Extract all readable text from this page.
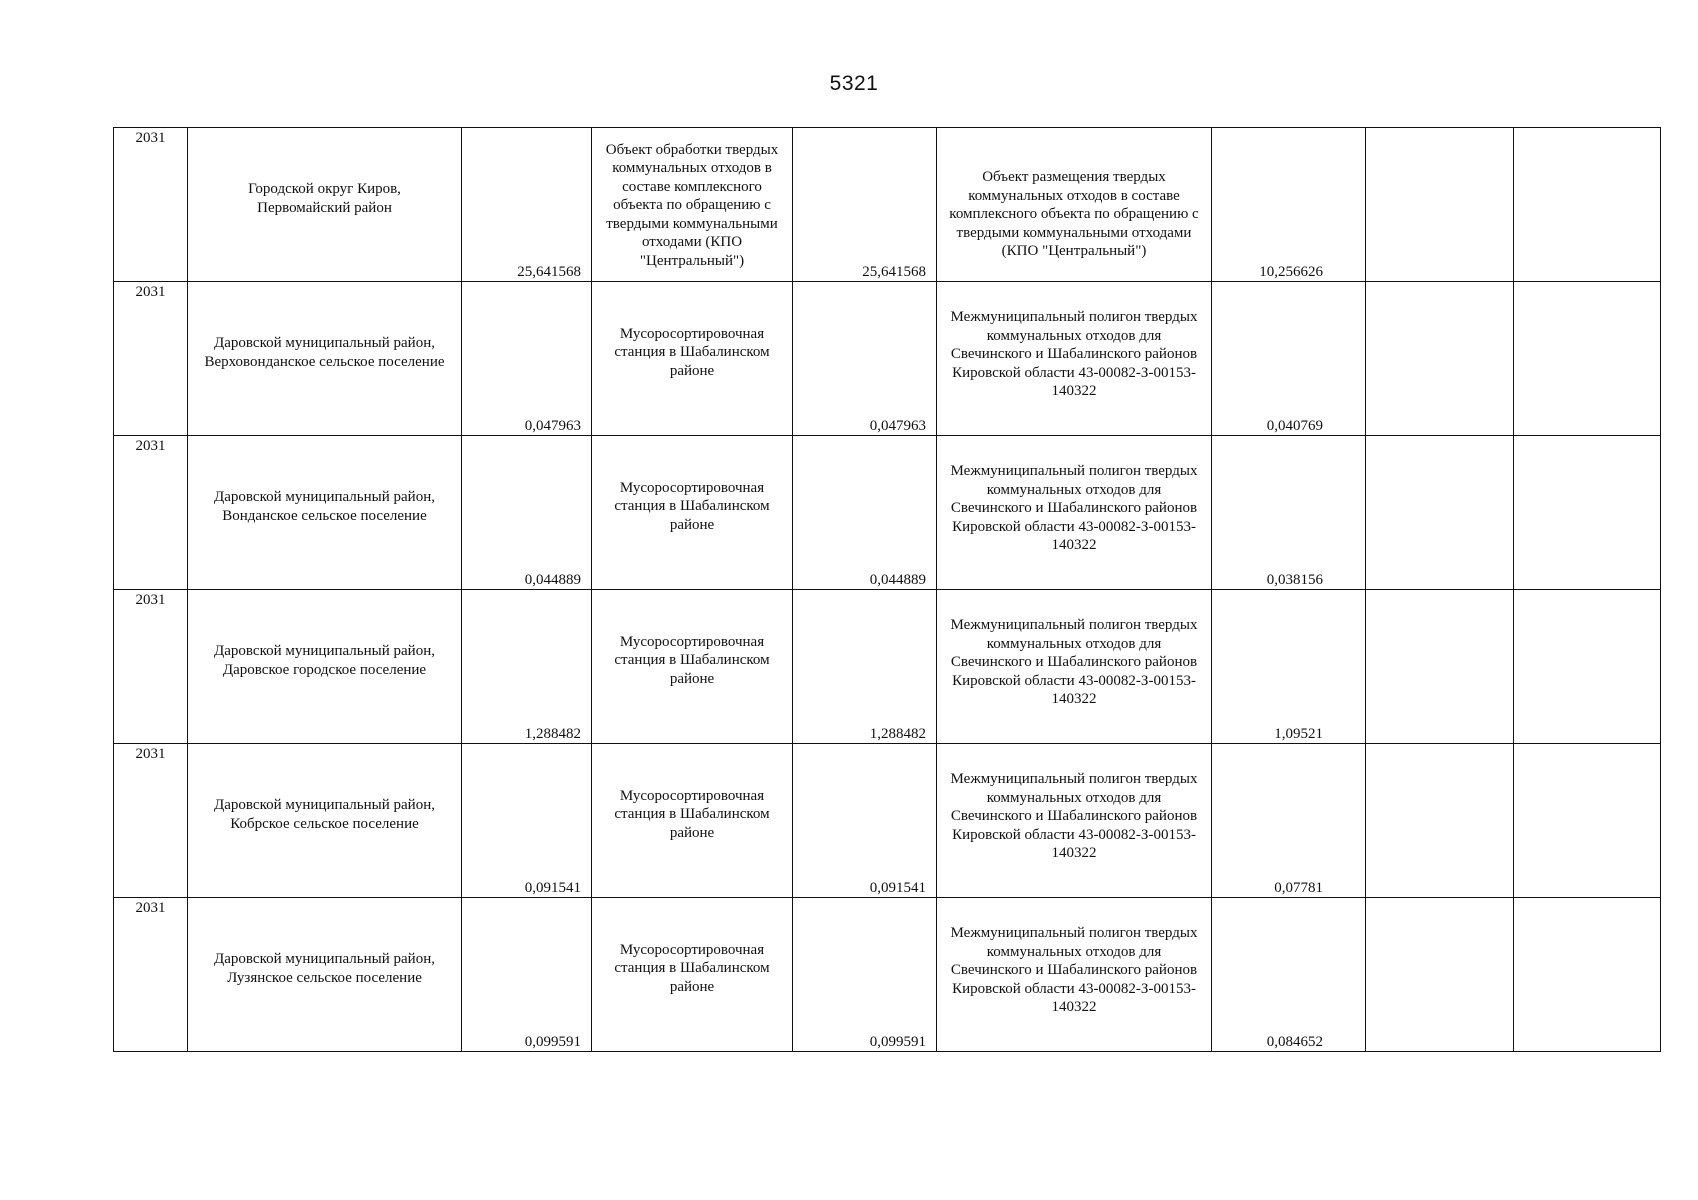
5321
2031	Городской округ Киров, Первомайский район	25,641568	Объект обработки твердых коммунальных отходов в составе комплексного объекта по обращению с твердыми коммунальными отходами (КПО "Центральный")	25,641568	Объект размещения твердых коммунальных отходов в составе комплексного объекта по обращению с твердыми коммунальными отходами (КПО "Центральный")	10,256626		
2031	Даровской муниципальный район, Верховонданское сельское поселение	0,047963	Мусоросортировочная станция в Шабалинском районе	0,047963	Межмуниципальный полигон твердых коммунальных отходов для Свечинского и Шабалинского районов Кировской области 43-00082-З-00153-140322	0,040769		
2031	Даровской муниципальный район, Вонданское сельское поселение	0,044889	Мусоросортировочная станция в Шабалинском районе	0,044889	Межмуниципальный полигон твердых коммунальных отходов для Свечинского и Шабалинского районов Кировской области 43-00082-З-00153-140322	0,038156		
2031	Даровской муниципальный район, Даровское городское поселение	1,288482	Мусоросортировочная станция в Шабалинском районе	1,288482	Межмуниципальный полигон твердых коммунальных отходов для Свечинского и Шабалинского районов Кировской области 43-00082-З-00153-140322	1,09521		
2031	Даровской муниципальный район, Кобрское сельское поселение	0,091541	Мусоросортировочная станция в Шабалинском районе	0,091541	Межмуниципальный полигон твердых коммунальных отходов для Свечинского и Шабалинского районов Кировской области 43-00082-З-00153-140322	0,07781		
2031	Даровской муниципальный район, Лузянское сельское поселение	0,099591	Мусоросортировочная станция в Шабалинском районе	0,099591	Межмуниципальный полигон твердых коммунальных отходов для Свечинского и Шабалинского районов Кировской области 43-00082-З-00153-140322	0,084652		
